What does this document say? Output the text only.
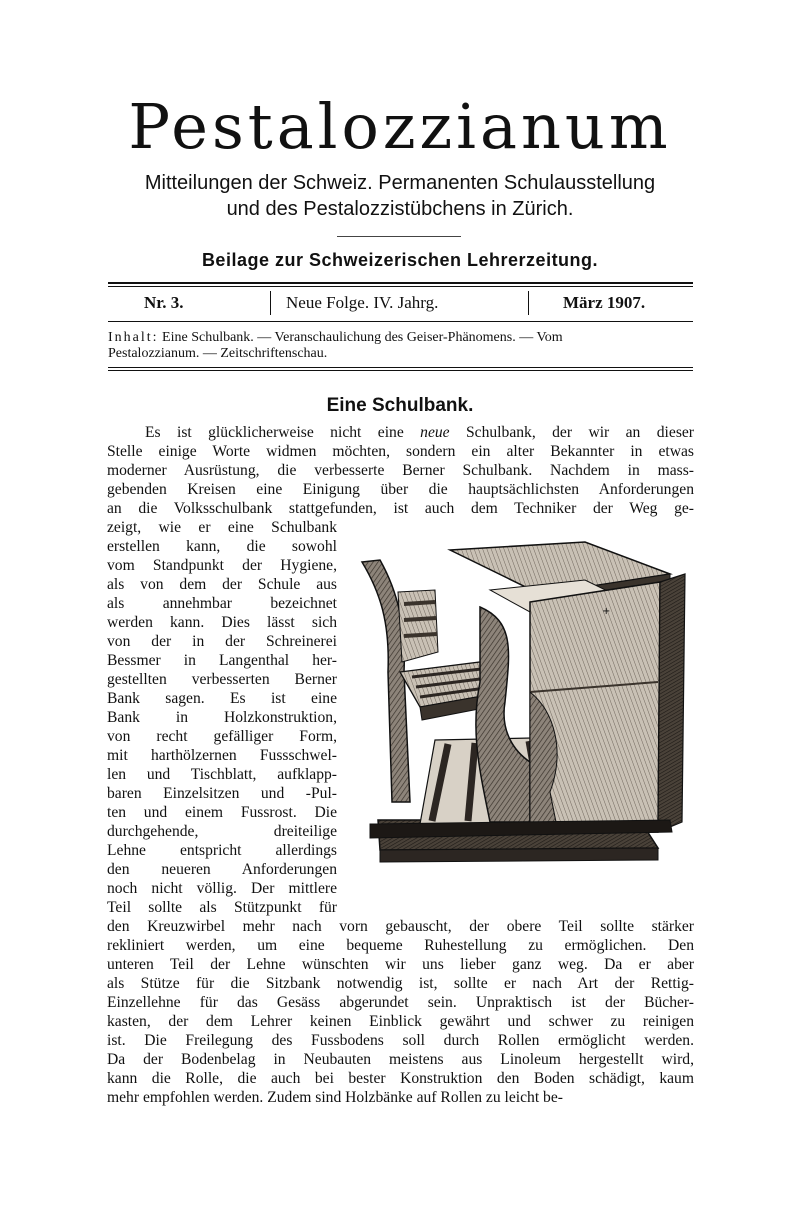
Pestalozzianum
Mitteilungen der Schweiz. Permanenten Schulausstellung
und des Pestalozzistübchens in Zürich.
Beilage zur Schweizerischen Lehrerzeitung.
Nr. 3.	Neue Folge. IV. Jahrg.	März 1907.
Inhalt: Eine Schulbank. — Veranschaulichung des Geiser-Phänomens. — Vom
Pestalozzianum. — Zeitschriftenschau.
Eine Schulbank.
Es ist glücklicherweise nicht eine neue Schulbank, der wir an dieser
Stelle einige Worte widmen möchten, sondern ein alter Bekannter in etwas
moderner Ausrüstung, die verbesserte Berner Schulbank. Nachdem in mass-
gebenden Kreisen eine Einigung über die hauptsächlichsten Anforderungen
an die Volksschulbank stattgefunden, ist auch dem Techniker der Weg ge-
zeigt, wie er eine Schulbank
erstellen kann, die sowohl
vom Standpunkt der Hygiene,
als von dem der Schule aus
als annehmbar bezeichnet
werden kann. Dies lässt sich
von der in der Schreinerei
Bessmer in Langenthal her-
gestellten verbesserten Berner
Bank sagen. Es ist eine
Bank in Holzkonstruktion,
von recht gefälliger Form,
mit harthölzernen Fussschwel-
len und Tischblatt, aufklapp-
baren Einzelsitzen und -Pul-
ten und einem Fussrost. Die
durchgehende, dreiteilige
Lehne entspricht allerdings
den neueren Anforderungen
noch nicht völlig. Der mittlere
Teil sollte als Stützpunkt für
den Kreuzwirbel mehr nach vorn gebauscht, der obere Teil sollte stärker
rekliniert werden, um eine bequeme Ruhestellung zu ermöglichen. Den
unteren Teil der Lehne wünschten wir uns lieber ganz weg. Da er aber
als Stütze für die Sitzbank notwendig ist, sollte er nach Art der Rettig-
Einzellehne für das Gesäss abgerundet sein. Unpraktisch ist der Bücher-
kasten, der dem Lehrer keinen Einblick gewährt und schwer zu reinigen
ist. Die Freilegung des Fussbodens soll durch Rollen ermöglicht werden.
Da der Bodenbelag in Neubauten meistens aus Linoleum hergestellt wird,
kann die Rolle, die auch bei bester Konstruktion den Boden schädigt, kaum
mehr empfohlen werden. Zudem sind Holzbänke auf Rollen zu leicht be-
+
